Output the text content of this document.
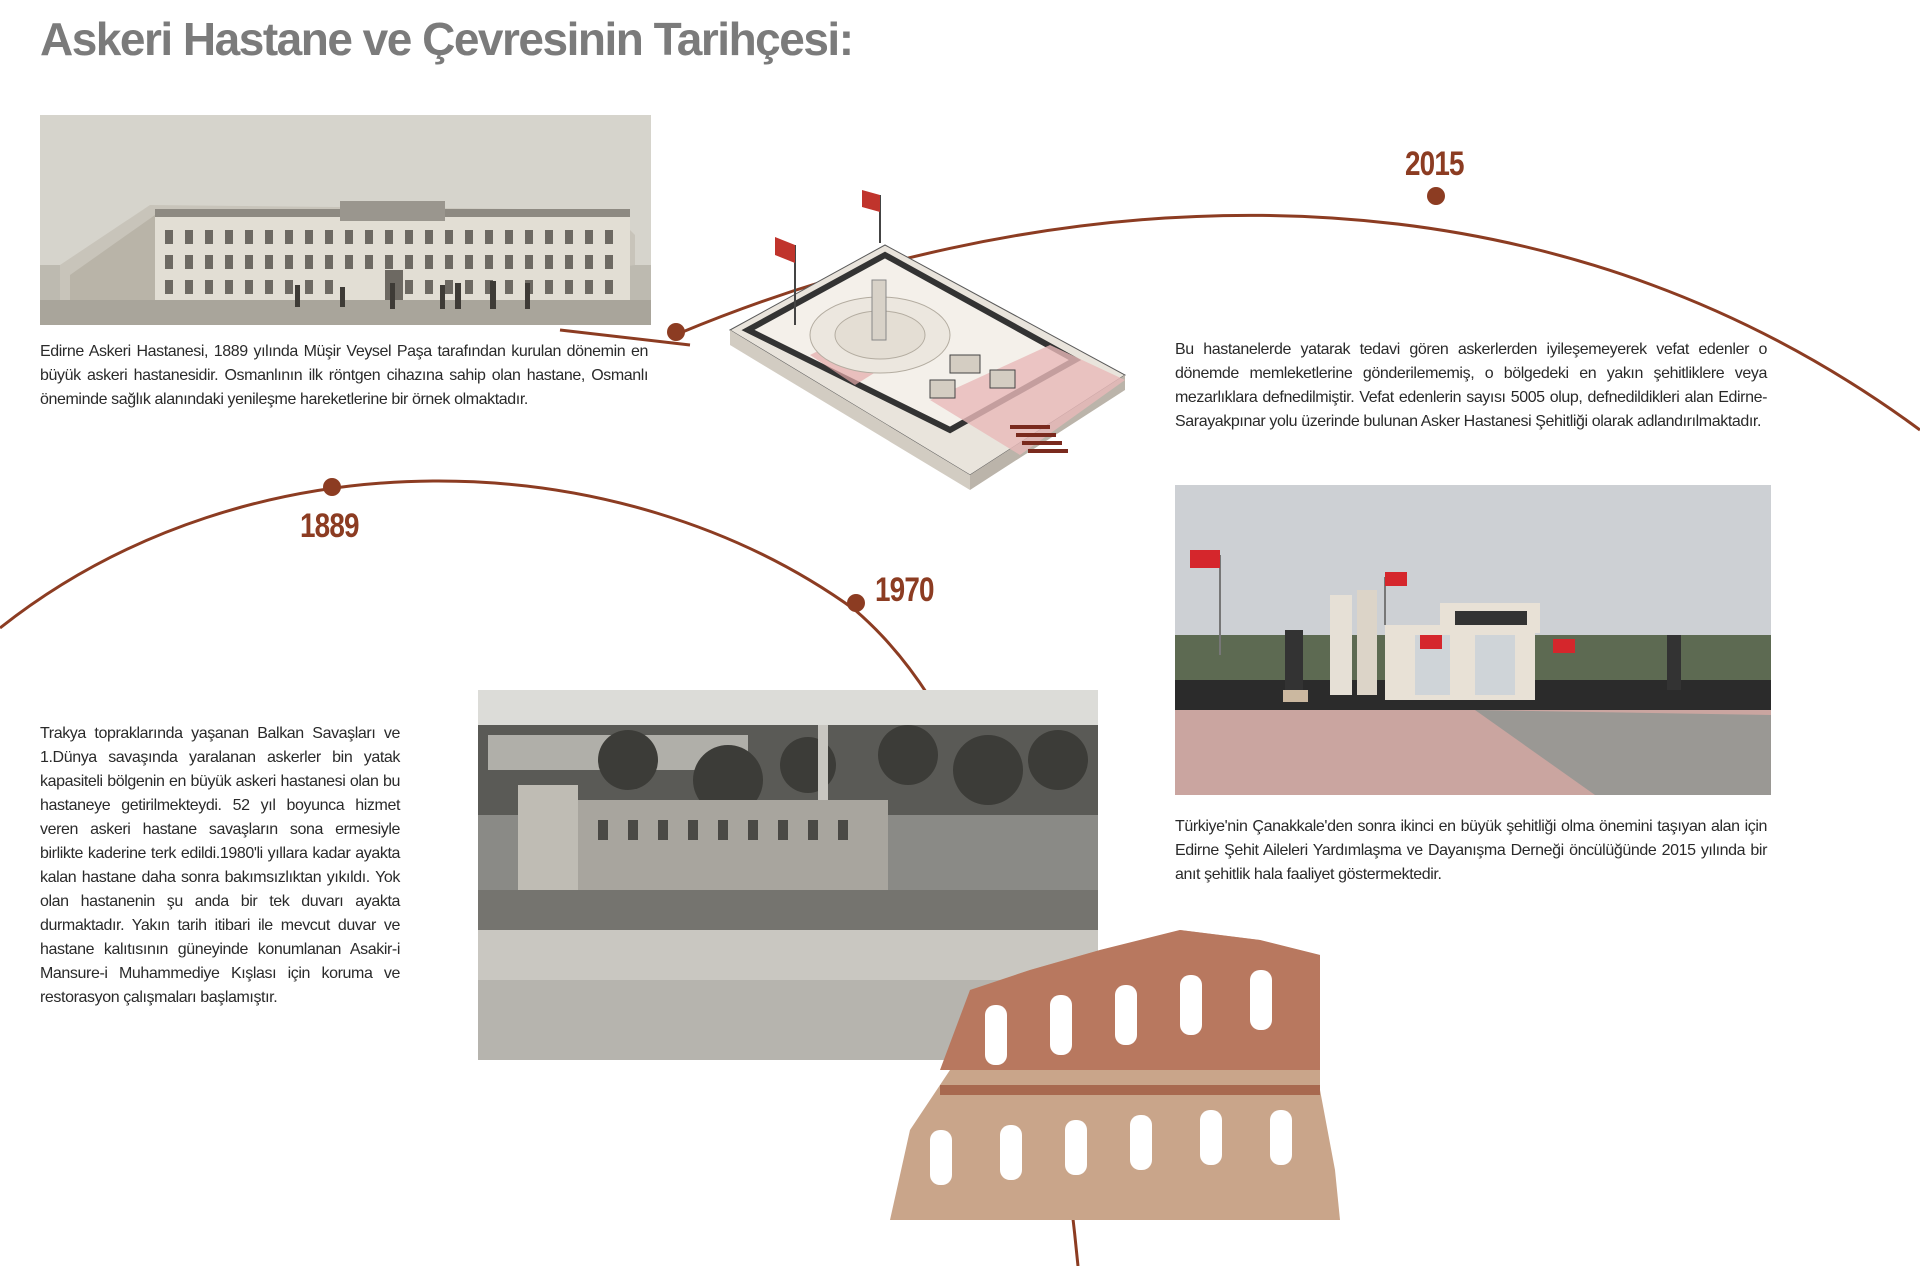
Askeri Hastane ve Çevresinin Tarihçesi:
1889
1970
2015
Edirne Askeri Hastanesi, 1889 yılında Müşir Veysel Paşa tarafından kurulan dönemin en büyük askeri hastanesidir. Osmanlının ilk röntgen cihazına sahip olan hastane, Osmanlı öneminde sağlık alanındaki yenileşme hareketlerine bir örnek olmaktadır.
Bu hastanelerde yatarak tedavi gören askerlerden iyileşemeyerek vefat edenler o dönemde memleketlerine gönderilememiş, o bölgedeki en yakın şehitliklere veya mezarlıklara defnedilmiştir. Vefat edenlerin sayısı 5005 olup, defnedildikleri alan Edirne-Sarayakpınar yolu üzerinde bulunan Asker Hastanesi Şehitliği olarak adlandırılmaktadır.
Türkiye'nin Çanakkale'den sonra ikinci en büyük şehitliği olma önemini taşıyan alan için Edirne Şehit Aileleri Yardımlaşma ve Dayanışma Derneği öncülüğünde 2015 yılında bir anıt şehitlik hala faaliyet göstermektedir.
Trakya topraklarında yaşanan Balkan Savaşları ve 1.Dünya savaşında yaralanan askerler bin yatak kapasiteli bölgenin en büyük askeri hastanesi olan bu hastaneye getirilmekteydi. 52 yıl boyunca hizmet veren askeri hastane savaşların sona ermesiyle birlikte kaderine terk edildi.1980'li yıllara kadar ayakta kalan hastane daha sonra bakımsızlıktan yıkıldı. Yok olan hastanenin şu anda bir tek duvarı ayakta durmaktadır. Yakın tarih itibari ile mevcut duvar ve hastane kalıtısının güneyinde konumlanan Asakir-i Mansure-i Muhammediye Kışlası için koruma ve restorasyon çalışmaları başlamıştır.
